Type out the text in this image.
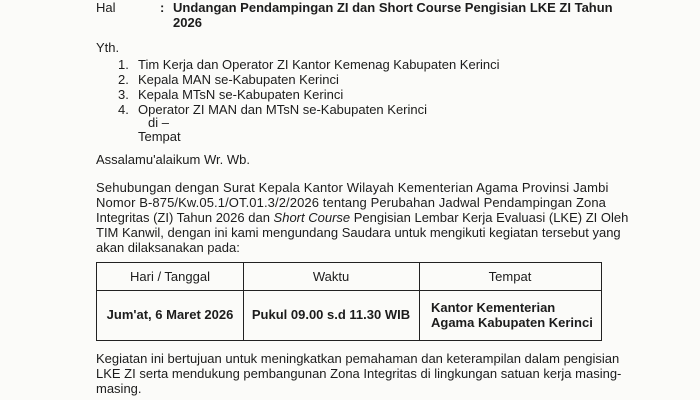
Hal	: Undangan Pendampingan ZI dan Short Course Pengisian LKE ZI Tahun
2026
Yth.
1. Tim Kerja dan Operator ZI Kantor Kemenag Kabupaten Kerinci
2. Kepala MAN se-Kabupaten Kerinci
3. Kepala MTsN se-Kabupaten Kerinci
4. Operator ZI MAN dan MTsN se-Kabupaten Kerinci
di –
Tempat
Assalamu'alaikum Wr. Wb.
Sehubungan dengan Surat Kepala Kantor Wilayah Kementerian Agama Provinsi Jambi
Nomor B-875/Kw.05.1/OT.01.3/2/2026 tentang Perubahan Jadwal Pendampingan Zona
Integritas (ZI) Tahun 2026 dan Short Course Pengisian Lembar Kerja Evaluasi (LKE) ZI Oleh
TIM Kanwil, dengan ini kami mengundang Saudara untuk mengikuti kegiatan tersebut yang
akan dilaksanakan pada:
Hari / Tanggal	Waktu	Tempat
Jum'at, 6 Maret 2026	Pukul 09.00 s.d 11.30 WIB	Kantor Kementerian
Agama Kabupaten Kerinci
Kegiatan ini bertujuan untuk meningkatkan pemahaman dan keterampilan dalam pengisian
LKE ZI serta mendukung pembangunan Zona Integritas di lingkungan satuan kerja masing-
masing.
